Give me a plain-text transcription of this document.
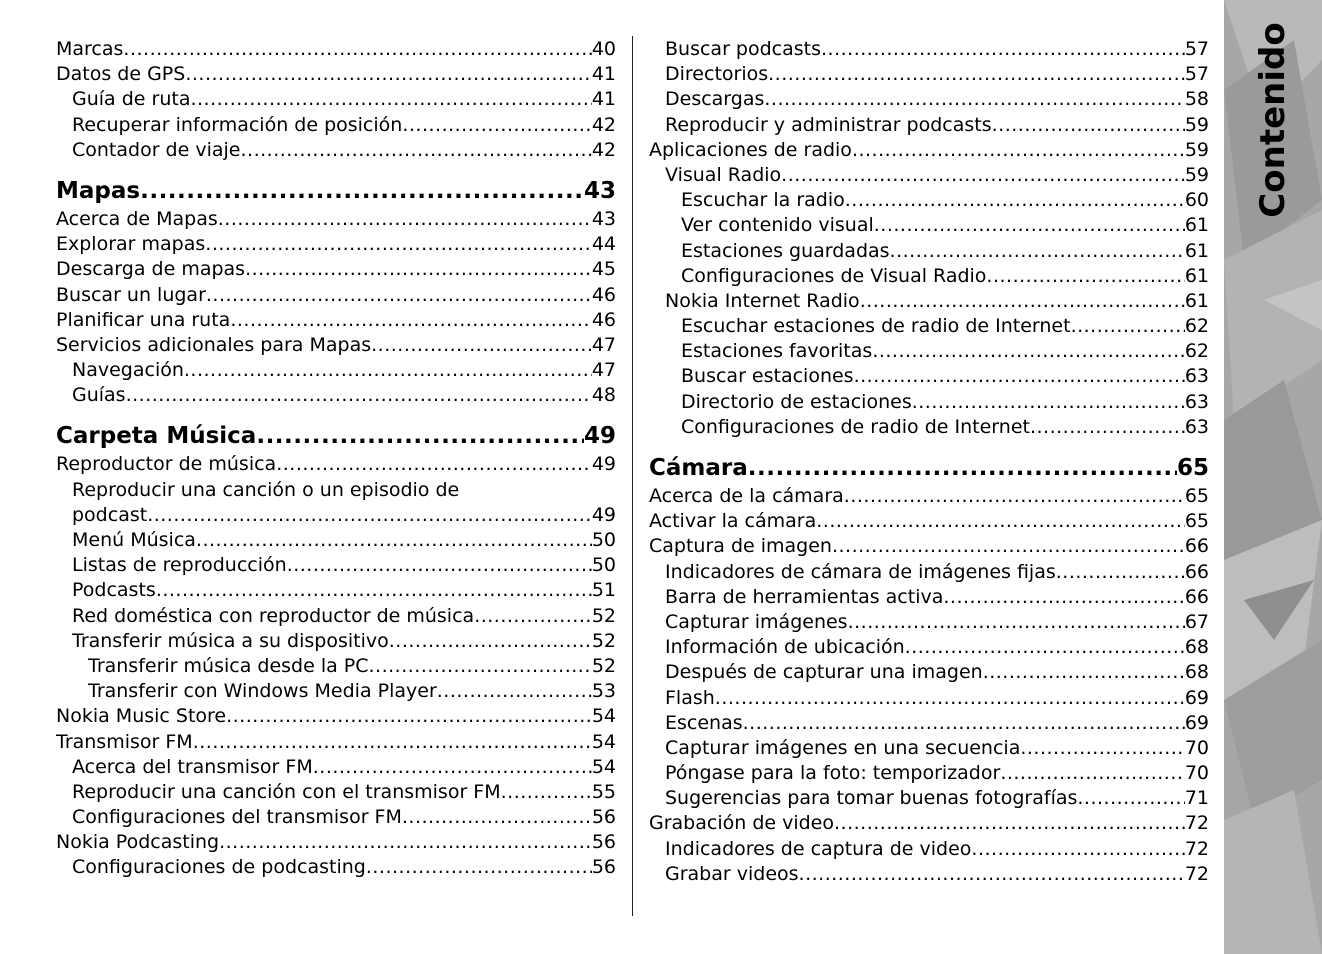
Marcas .....	40
Datos de GPS .....	41
Guía de ruta .....	41
Recuperar información de posición .....	42
Contador de viaje .....	42
Mapas .....	43
Acerca de Mapas .....	43
Explorar mapas .....	44
Descarga de mapas .....	45
Buscar un lugar .....	46
Planificar una ruta .....	46
Servicios adicionales para Mapas .....	47
Navegación .....	47
Guías .....	48
Carpeta Música .....	49
Reproductor de música .....	49
Reproducir una canción o un episodio de
podcast .....	49
Menú Música .....	50
Listas de reproducción .....	50
Podcasts .....	51
Red doméstica con reproductor de música .....	52
Transferir música a su dispositivo .....	52
Transferir música desde la PC .....	52
Transferir con Windows Media Player .....	53
Nokia Music Store .....	54
Transmisor FM .....	54
Acerca del transmisor FM .....	54
Reproducir una canción con el transmisor FM .....	55
Configuraciones del transmisor FM .....	56
Nokia Podcasting .....	56
Configuraciones de podcasting .....	56
Buscar podcasts .....	57
Directorios .....	57
Descargas .....	58
Reproducir y administrar podcasts .....	59
Aplicaciones de radio .....	59
Visual Radio .....	59
Escuchar la radio .....	60
Ver contenido visual .....	61
Estaciones guardadas .....	61
Configuraciones de Visual Radio .....	61
Nokia Internet Radio .....	61
Escuchar estaciones de radio de Internet .....	62
Estaciones favoritas .....	62
Buscar estaciones .....	63
Directorio de estaciones .....	63
Configuraciones de radio de Internet .....	63
Cámara .....	65
Acerca de la cámara .....	65
Activar la cámara .....	65
Captura de imagen .....	66
Indicadores de cámara de imágenes fijas .....	66
Barra de herramientas activa .....	66
Capturar imágenes .....	67
Información de ubicación .....	68
Después de capturar una imagen .....	68
Flash .....	69
Escenas .....	69
Capturar imágenes en una secuencia .....	70
Póngase para la foto: temporizador .....	70
Sugerencias para tomar buenas fotografías .....	71
Grabación de video .....	72
Indicadores de captura de video .....	72
Grabar videos .....	72
Contenido
